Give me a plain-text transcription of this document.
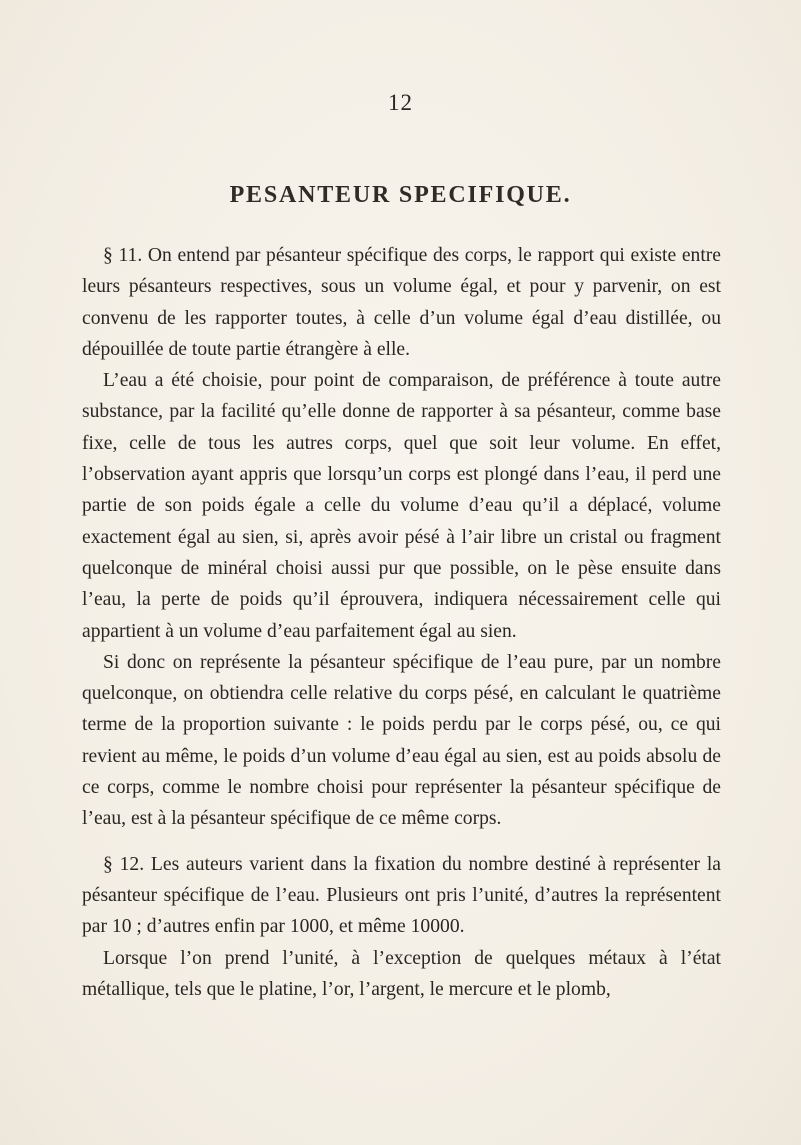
12
PESANTEUR SPECIFIQUE.

§ 11. On entend par pésanteur spécifique des corps, le rapport qui existe entre leurs pésanteurs respectives, sous un volume égal, et pour y parvenir, on est convenu de les rapporter toutes, à celle d’un volume égal d’eau distillée, ou dépouillée de toute partie étrangère à elle.

L’eau a été choisie, pour point de comparaison, de préférence à toute autre substance, par la facilité qu’elle donne de rapporter à sa pésanteur, comme base fixe, celle de tous les autres corps, quel que soit leur volume. En effet, l’observation ayant appris que lorsqu’un corps est plongé dans l’eau, il perd une partie de son poids égale a celle du volume d’eau qu’il a déplacé, volume exactement égal au sien, si, après avoir pésé à l’air libre un cristal ou fragment quelconque de minéral choisi aussi pur que possible, on le pèse ensuite dans l’eau, la perte de poids qu’il éprouvera, indiquera nécessairement celle qui appartient à un volume d’eau parfaitement égal au sien.

Si donc on représente la pésanteur spécifique de l’eau pure, par un nombre quelconque, on obtiendra celle relative du corps pésé, en calculant le quatrième terme de la proportion suivante : le poids perdu par le corps pésé, ou, ce qui revient au même, le poids d’un volume d’eau égal au sien, est au poids absolu de ce corps, comme le nombre choisi pour représenter la pésanteur spécifique de l’eau, est à la pésanteur spécifique de ce même corps.

§ 12. Les auteurs varient dans la fixation du nombre destiné à représenter la pésanteur spécifique de l’eau. Plusieurs ont pris l’unité, d’autres la représentent par 10 ; d’autres enfin par 1000, et même 10000.

Lorsque l’on prend l’unité, à l’exception de quelques métaux à l’état métallique, tels que le platine, l’or, l’argent, le mercure et le plomb,
